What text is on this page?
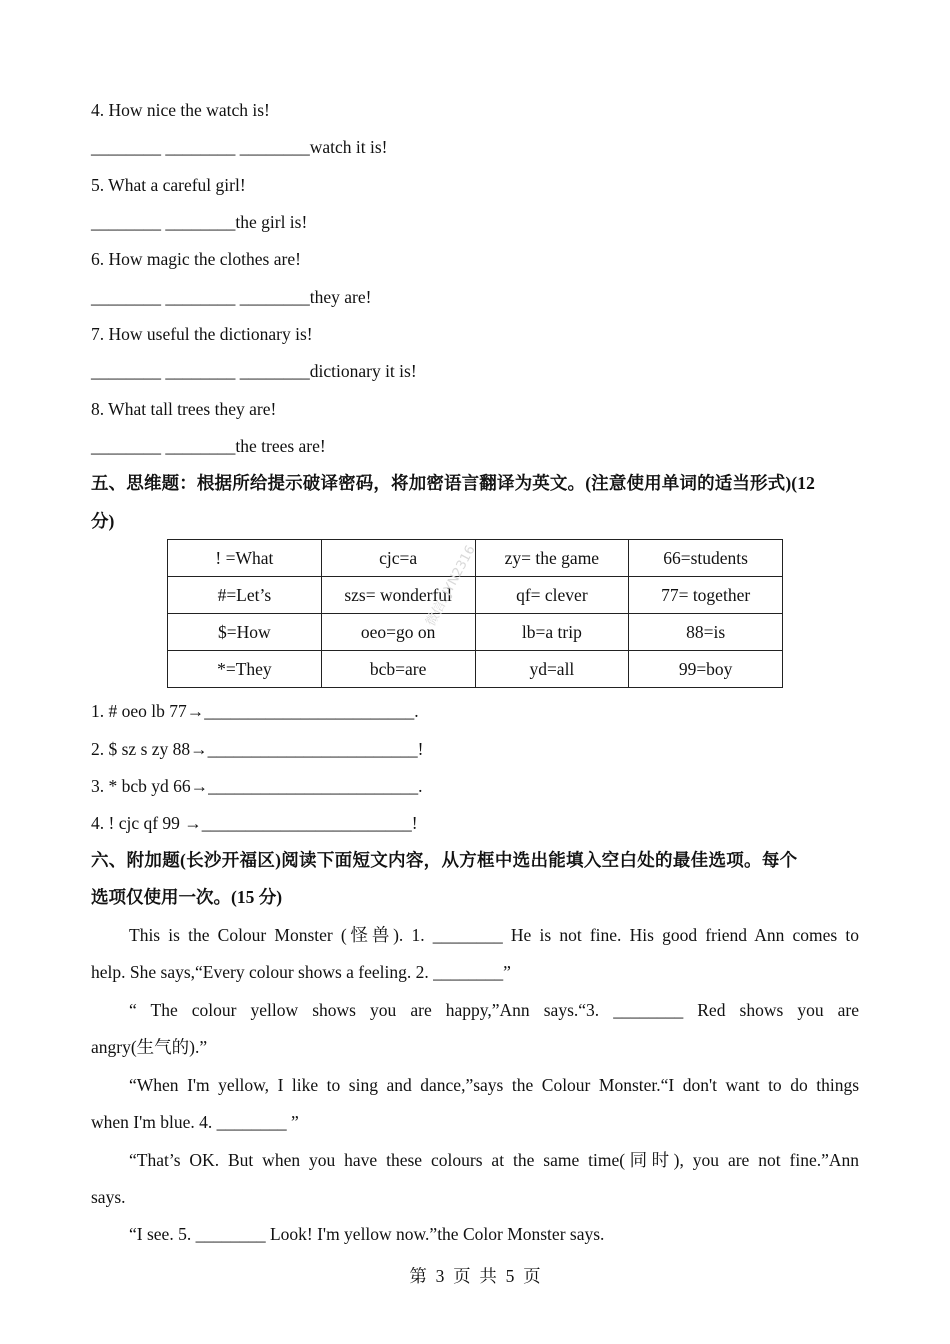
4. How nice the watch is!
________ ________ ________watch it is!
5. What a careful girl!
________ ________the girl is!
6. How magic the clothes are!
________ ________ ________they are!
7. How useful the dictionary is!
________ ________ ________dictionary it is!
8. What tall trees they are!
________ ________the trees are!
五、思维题：根据所给提示破译密码，将加密语言翻译为英文。(注意使用单词的适当形式)(12
分)
! =What	cjc=a	zy= the game	66=students
#=Let’s	szs= wonderful	qf= clever	77= together
$=How	oeo=go on	lb=a trip	88=is
*=They	bcb=are	yd=all	99=boy
微信: JYN2316
1. # oeo lb 77→________________________.
2. $ sz s zy 88→________________________!
3. * bcb yd 66→________________________.
4. ! cjc qf 99 →________________________!
六、附加题(长沙开福区)阅读下面短文内容，从方框中选出能填入空白处的最佳选项。每个
选项仅使用一次。(15 分)
This is the Colour Monster (怪兽). 1. ________ He is not fine. His good friend Ann comes to
help. She says,“Every colour shows a feeling. 2. ________”
“ The colour yellow shows you are happy,”Ann says.“3. ________ Red shows you are
angry(生气的).”
“When I'm yellow, I like to sing and dance,”says the Colour Monster.“I don't want to do things
when I'm blue. 4. ________ ”
“That’s OK. But when you have these colours at the same time(同时), you are not fine.”Ann
says.
“I see. 5. ________ Look! I'm yellow now.”the Color Monster says.
第  3  页  共  5  页
